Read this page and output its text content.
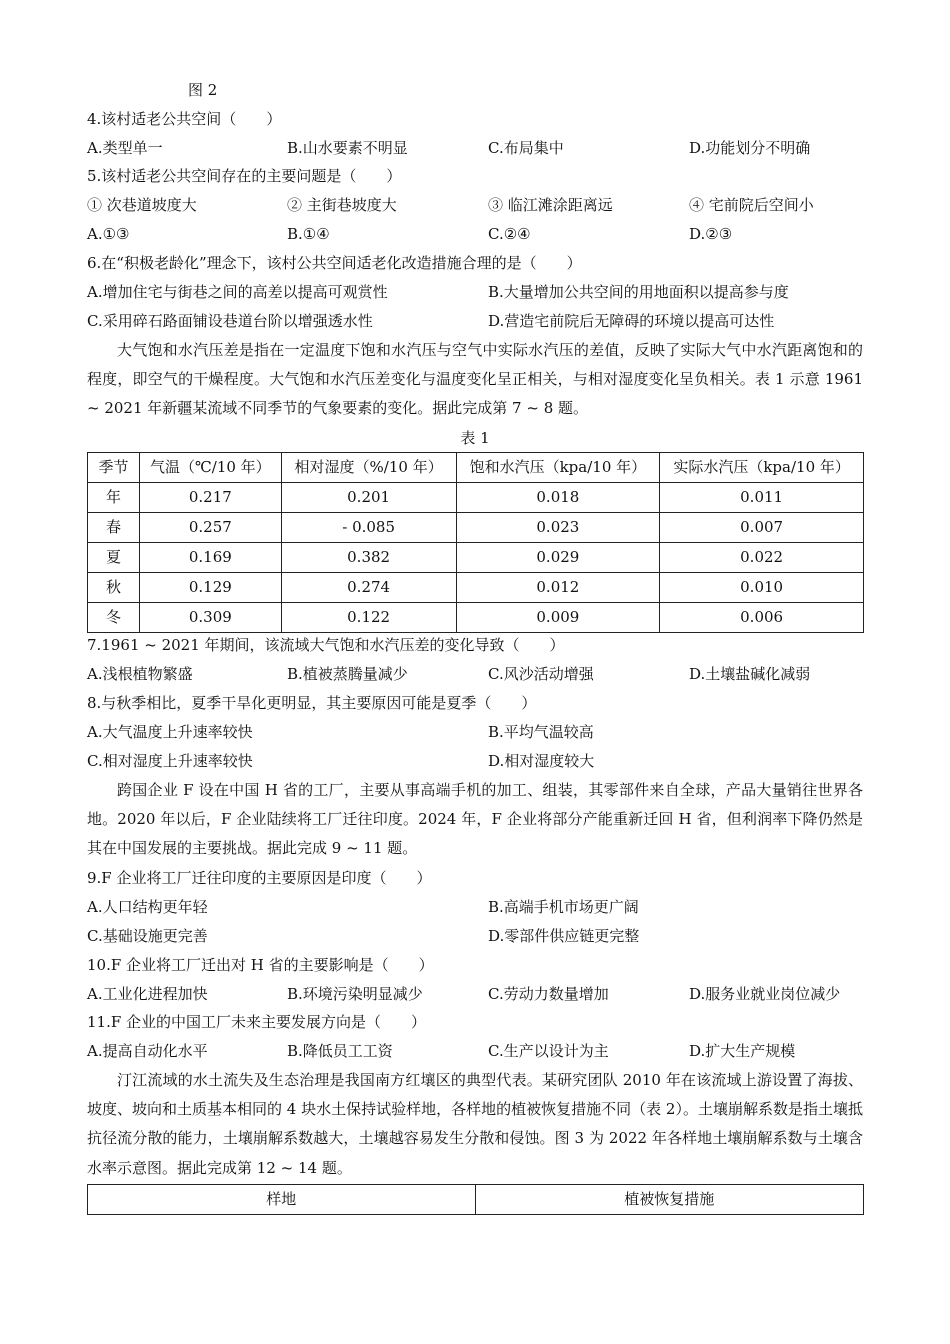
图 2
4.该村适老公共空间（　　）
A.类型单一	B.山水要素不明显	C.布局集中	D.功能划分不明确
5.该村适老公共空间存在的主要问题是（　　）
① 次巷道坡度大	② 主街巷坡度大	③ 临江滩涂距离远	④ 宅前院后空间小
A.①③	B.①④	C.②④	D.②③
6.在“积极老龄化”理念下，该村公共空间适老化改造措施合理的是（　　）
A.增加住宅与街巷之间的高差以提高可观赏性	B.大量增加公共空间的用地面积以提高参与度
C.采用碎石路面铺设巷道台阶以增强透水性	D.营造宅前院后无障碍的环境以提高可达性
大气饱和水汽压差是指在一定温度下饱和水汽压与空气中实际水汽压的差值，反映了实际大气中水汽距离饱和的程度，即空气的干燥程度。大气饱和水汽压差变化与温度变化呈正相关，与相对湿度变化呈负相关。表 1 示意 1961 ~ 2021 年新疆某流域不同季节的气象要素的变化。据此完成第 7 ~ 8 题。
表 1
季节	气温（℃/10 年）	相对湿度（%/10 年）	饱和水汽压（kpa/10 年）	实际水汽压（kpa/10 年）
年	0.217	0.201	0.018	0.011
春	0.257	- 0.085	0.023	0.007
夏	0.169	0.382	0.029	0.022
秋	0.129	0.274	0.012	0.010
冬	0.309	0.122	0.009	0.006
7.1961 ~ 2021 年期间，该流域大气饱和水汽压差的变化导致（　　）
A.浅根植物繁盛	B.植被蒸腾量减少	C.风沙活动增强	D.土壤盐碱化减弱
8.与秋季相比，夏季干旱化更明显，其主要原因可能是夏季（　　）
A.大气温度上升速率较快	B.平均气温较高
C.相对湿度上升速率较快	D.相对湿度较大
跨国企业 F 设在中国 H 省的工厂，主要从事高端手机的加工、组装，其零部件来自全球，产品大量销往世界各地。2020 年以后，F 企业陆续将工厂迁往印度。2024 年，F 企业将部分产能重新迁回 H 省，但利润率下降仍然是其在中国发展的主要挑战。据此完成 9 ~ 11 题。
9.F 企业将工厂迁往印度的主要原因是印度（　　）
A.人口结构更年轻	B.高端手机市场更广阔
C.基础设施更完善	D.零部件供应链更完整
10.F 企业将工厂迁出对 H 省的主要影响是（　　）
A.工业化进程加快	B.环境污染明显减少	C.劳动力数量增加	D.服务业就业岗位减少
11.F 企业的中国工厂未来主要发展方向是（　　）
A.提高自动化水平	B.降低员工工资	C.生产以设计为主	D.扩大生产规模
汀江流域的水土流失及生态治理是我国南方红壤区的典型代表。某研究团队 2010 年在该流域上游设置了海拔、坡度、坡向和土质基本相同的 4 块水土保持试验样地，各样地的植被恢复措施不同（表 2）。土壤崩解系数是指土壤抵抗径流分散的能力，土壤崩解系数越大，土壤越容易发生分散和侵蚀。图 3 为 2022 年各样地土壤崩解系数与土壤含水率示意图。据此完成第 12 ~ 14 题。
样地	植被恢复措施
